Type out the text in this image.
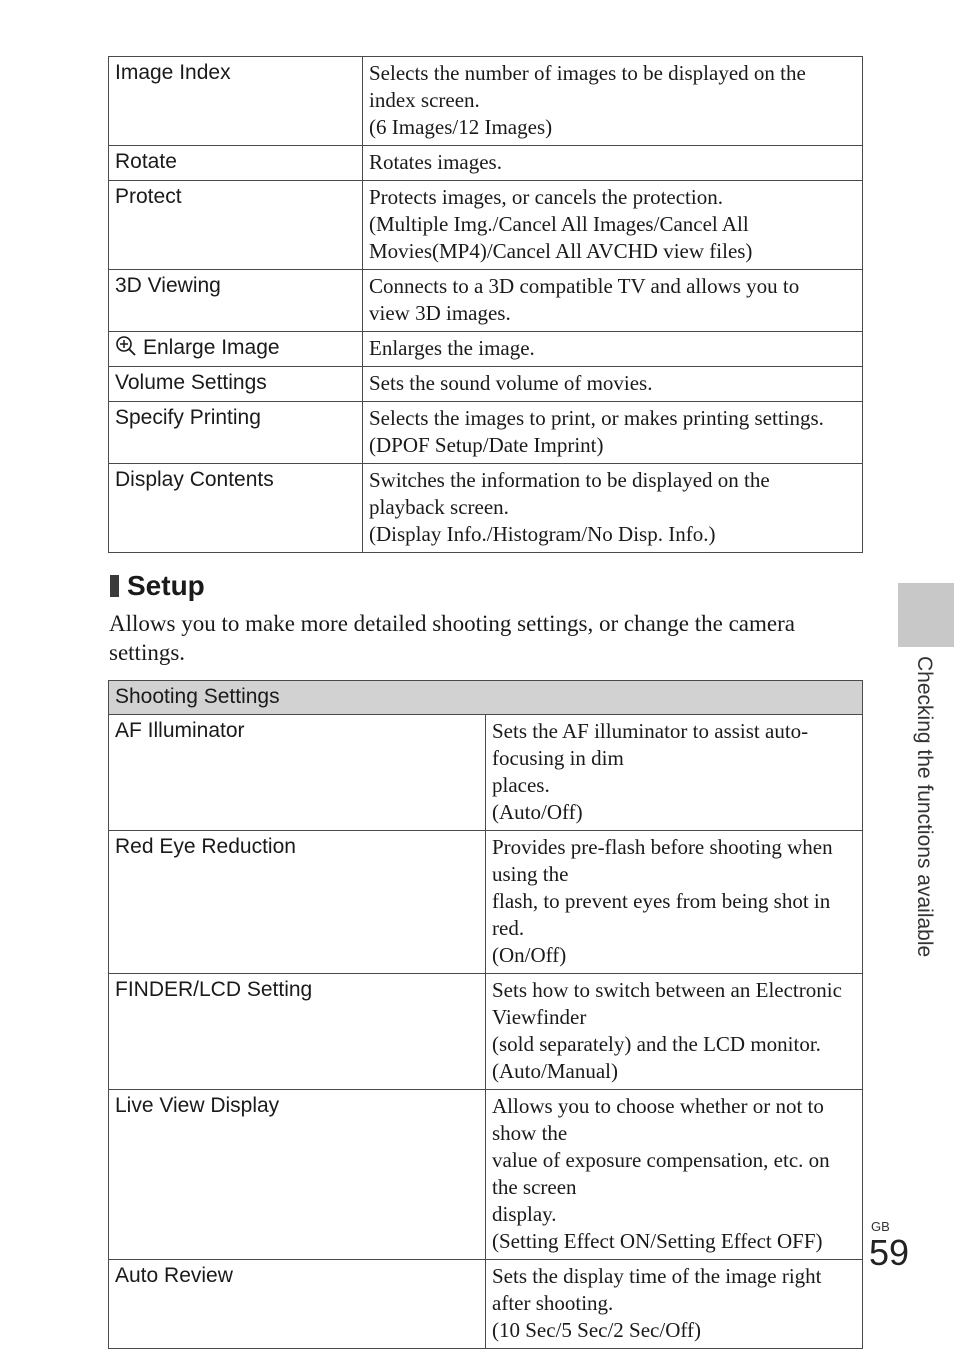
Image Index	Selects the number of images to be displayed on the
index screen.
(6 Images/12 Images)

Rotate	Rotates images.

Protect	Protects images, or cancels the protection.
(Multiple Img./Cancel All Images/Cancel All
Movies(MP4)/Cancel All AVCHD view files)

3D Viewing	Connects to a 3D compatible TV and allows you to
view 3D images.

Enlarge Image	Enlarges the image.

Volume Settings	Sets the sound volume of movies.

Specify Printing	Selects the images to print, or makes printing settings.
(DPOF Setup/Date Imprint)

Display Contents	Switches the information to be displayed on the
playback screen.
(Display Info./Histogram/No Disp. Info.)
Setup
Allows you to make more detailed shooting settings, or change the camera
settings.
Shooting Settings	
AF Illuminator	Sets the AF illuminator to assist auto-focusing in dim
places.
(Auto/Off)

Red Eye Reduction	Provides pre-flash before shooting when using the
flash, to prevent eyes from being shot in red.
(On/Off)

FINDER/LCD Setting	Sets how to switch between an Electronic Viewfinder
(sold separately) and the LCD monitor.
(Auto/Manual)

Live View Display	Allows you to choose whether or not to show the
value of exposure compensation, etc. on the screen
display.
(Setting Effect ON/Setting Effect OFF)

Auto Review	Sets the display time of the image right after shooting.
(10 Sec/5 Sec/2 Sec/Off)
Checking the functions available
GB
59
